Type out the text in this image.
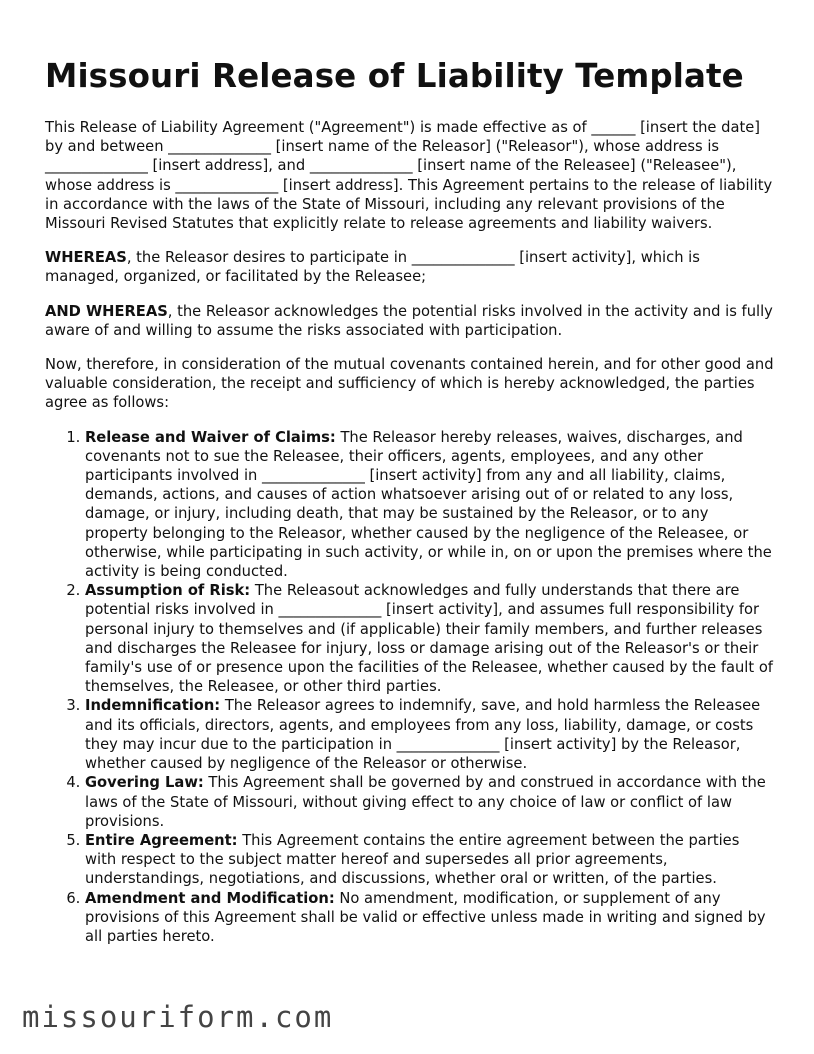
Missouri Release of Liability Template

This Release of Liability Agreement ("Agreement") is made effective as of ______ [insert the date] by and between ______________ [insert name of the Releasor] ("Releasor"), whose address is ______________ [insert address], and ______________ [insert name of the Releasee] ("Releasee"), whose address is ______________ [insert address]. This Agreement pertains to the release of liability in accordance with the laws of the State of Missouri, including any relevant provisions of the Missouri Revised Statutes that explicitly relate to release agreements and liability waivers.

WHEREAS, the Releasor desires to participate in ______________ [insert activity], which is managed, organized, or facilitated by the Releasee;

AND WHEREAS, the Releasor acknowledges the potential risks involved in the activity and is fully aware of and willing to assume the risks associated with participation.

Now, therefore, in consideration of the mutual covenants contained herein, and for other good and valuable consideration, the receipt and sufficiency of which is hereby acknowledged, the parties agree as follows:

1. Release and Waiver of Claims: The Releasor hereby releases, waives, discharges, and covenants not to sue the Releasee, their officers, agents, employees, and any other participants involved in ______________ [insert activity] from any and all liability, claims, demands, actions, and causes of action whatsoever arising out of or related to any loss, damage, or injury, including death, that may be sustained by the Releasor, or to any property belonging to the Releasor, whether caused by the negligence of the Releasee, or otherwise, while participating in such activity, or while in, on or upon the premises where the activity is being conducted.
2. Assumption of Risk: The Releasout acknowledges and fully understands that there are potential risks involved in ______________ [insert activity], and assumes full responsibility for personal injury to themselves and (if applicable) their family members, and further releases and discharges the Releasee for injury, loss or damage arising out of the Releasor's or their family's use of or presence upon the facilities of the Releasee, whether caused by the fault of themselves, the Releasee, or other third parties.
3. Indemnification: The Releasor agrees to indemnify, save, and hold harmless the Releasee and its officials, directors, agents, and employees from any loss, liability, damage, or costs they may incur due to the participation in ______________ [insert activity] by the Releasor, whether caused by negligence of the Releasor or otherwise.
4. Govering Law: This Agreement shall be governed by and construed in accordance with the laws of the State of Missouri, without giving effect to any choice of law or conflict of law provisions.
5. Entire Agreement: This Agreement contains the entire agreement between the parties with respect to the subject matter hereof and supersedes all prior agreements, understandings, negotiations, and discussions, whether oral or written, of the parties.
6. Amendment and Modification: No amendment, modification, or supplement of any provisions of this Agreement shall be valid or effective unless made in writing and signed by all parties hereto.
missouriform.com
